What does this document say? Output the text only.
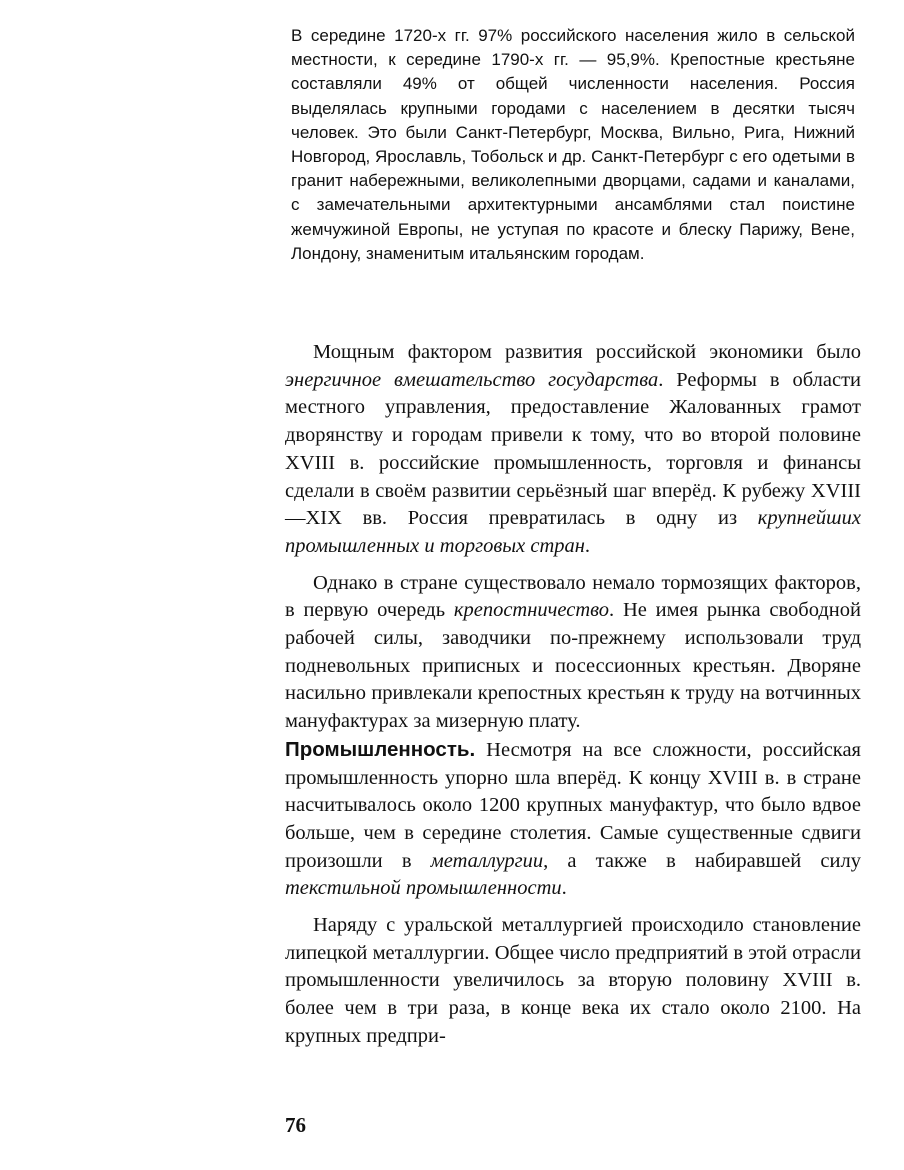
В середине 1720-х гг. 97% российского населения жило в сельской местности, к середине 1790-х гг. — 95,9%. Крепостные крестьяне составляли 49% от общей численности населения. Россия выделялась крупными городами с населением в десятки тысяч человек. Это были Санкт-Петербург, Москва, Вильно, Рига, Нижний Новгород, Ярославль, Тобольск и др. Санкт-Петербург с его одетыми в гранит набережными, великолепными дворцами, садами и каналами, с замечательными архитектурными ансамблями стал поистине жемчужиной Европы, не уступая по красоте и блеску Парижу, Вене, Лондону, знаменитым итальянским городам.

Мощным фактором развития российской экономики было энергичное вмешательство государства. Реформы в области местного управления, предоставление Жалованных грамот дворянству и городам привели к тому, что во второй половине XVIII в. российские промышленность, торговля и финансы сделали в своём развитии серьёзный шаг вперёд. К рубежу XVIII—XIX вв. Россия превратилась в одну из крупнейших промышленных и торговых стран.

Однако в стране существовало немало тормозящих факторов, в первую очередь крепостничество. Не имея рынка свободной рабочей силы, заводчики по-прежнему использовали труд подневольных приписных и посессионных крестьян. Дворяне насильно привлекали крепостных крестьян к труду на вотчинных мануфактурах за мизерную плату.

Промышленность. Несмотря на все сложности, российская промышленность упорно шла вперёд. К концу XVIII в. в стране насчитывалось около 1200 крупных мануфактур, что было вдвое больше, чем в середине столетия. Самые существенные сдвиги произошли в металлургии, а также в набиравшей силу текстильной промышленности.

Наряду с уральской металлургией происходило становление липецкой металлургии. Общее число предприятий в этой отрасли промышленности увеличилось за вторую половину XVIII в. более чем в три раза, в конце века их стало около 2100. На крупных предпри-

76
